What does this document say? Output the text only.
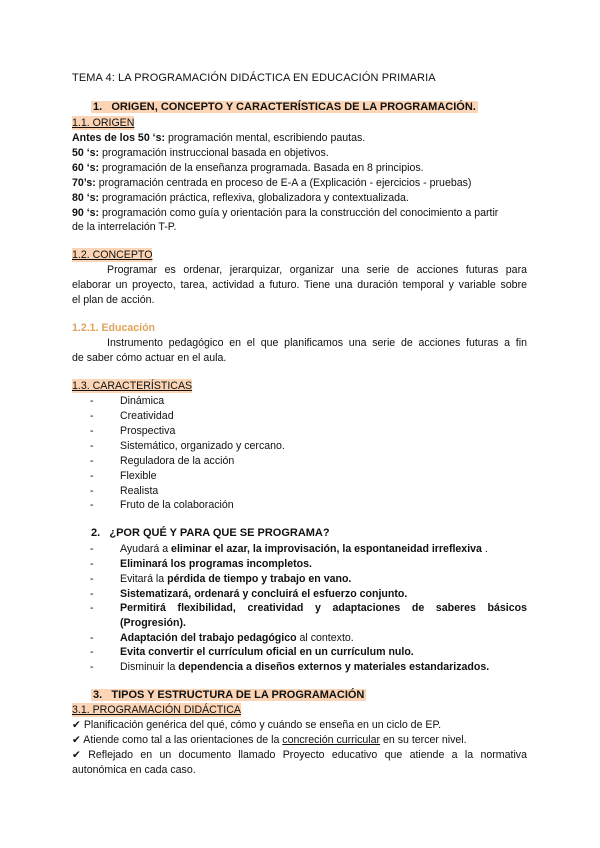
TEMA 4: LA PROGRAMACIÓN DIDÁCTICA EN EDUCACIÓN PRIMARIA
1. ORIGEN, CONCEPTO Y CARACTERÍSTICAS DE LA PROGRAMACIÓN.
1.1. ORIGEN
Antes de los 50 ‘s: programación mental, escribiendo pautas.
50 ‘s: programación instruccional basada en objetivos.
60 ‘s: programación de la enseñanza programada. Basada en 8 principios.
70’s: programación centrada en proceso de E-A a (Explicación - ejercicios - pruebas)
80 ‘s: programación práctica, reflexiva, globalizadora y contextualizada.
90 ‘s: programación como guía y orientación para la construcción del conocimiento a partir
de la interrelación T-P.
1.2. CONCEPTO
Programar es ordenar, jerarquizar, organizar una serie de acciones futuras para
elaborar un proyecto, tarea, actividad a futuro. Tiene una duración temporal y variable sobre
el plan de acción.
1.2.1. Educación
Instrumento pedagógico en el que planificamos una serie de acciones futuras a fin
de saber cómo actuar en el aula.
1.3. CARACTERÍSTICAS
- Dinámica
- Creatividad
- Prospectiva
- Sistemático, organizado y cercano.
- Reguladora de la acción
- Flexible
- Realista
- Fruto de la colaboración
2. ¿POR QUÉ Y PARA QUE SE PROGRAMA?
- Ayudará a eliminar el azar, la improvisación, la espontaneidad irreflexiva .
- Eliminará los programas incompletos.
- Evitará la pérdida de tiempo y trabajo en vano.
- Sistematizará, ordenará y concluirá el esfuerzo conjunto.
- Permitirá flexibilidad, creatividad y adaptaciones de saberes básicos
(Progresión).
- Adaptación del trabajo pedagógico al contexto.
- Evita convertir el currículum oficial en un currículum nulo.
- Disminuir la dependencia a diseños externos y materiales estandarizados.
3. TIPOS Y ESTRUCTURA DE LA PROGRAMACIÓN
3.1. PROGRAMACIÓN DIDÁCTICA
✔ Planificación genérica del qué, cómo y cuándo se enseña en un ciclo de EP.
✔ Atiende como tal a las orientaciones de la concreción curricular en su tercer nivel.
✔ Reflejado en un documento llamado Proyecto educativo que atiende a la normativa
autonómica en cada caso.
